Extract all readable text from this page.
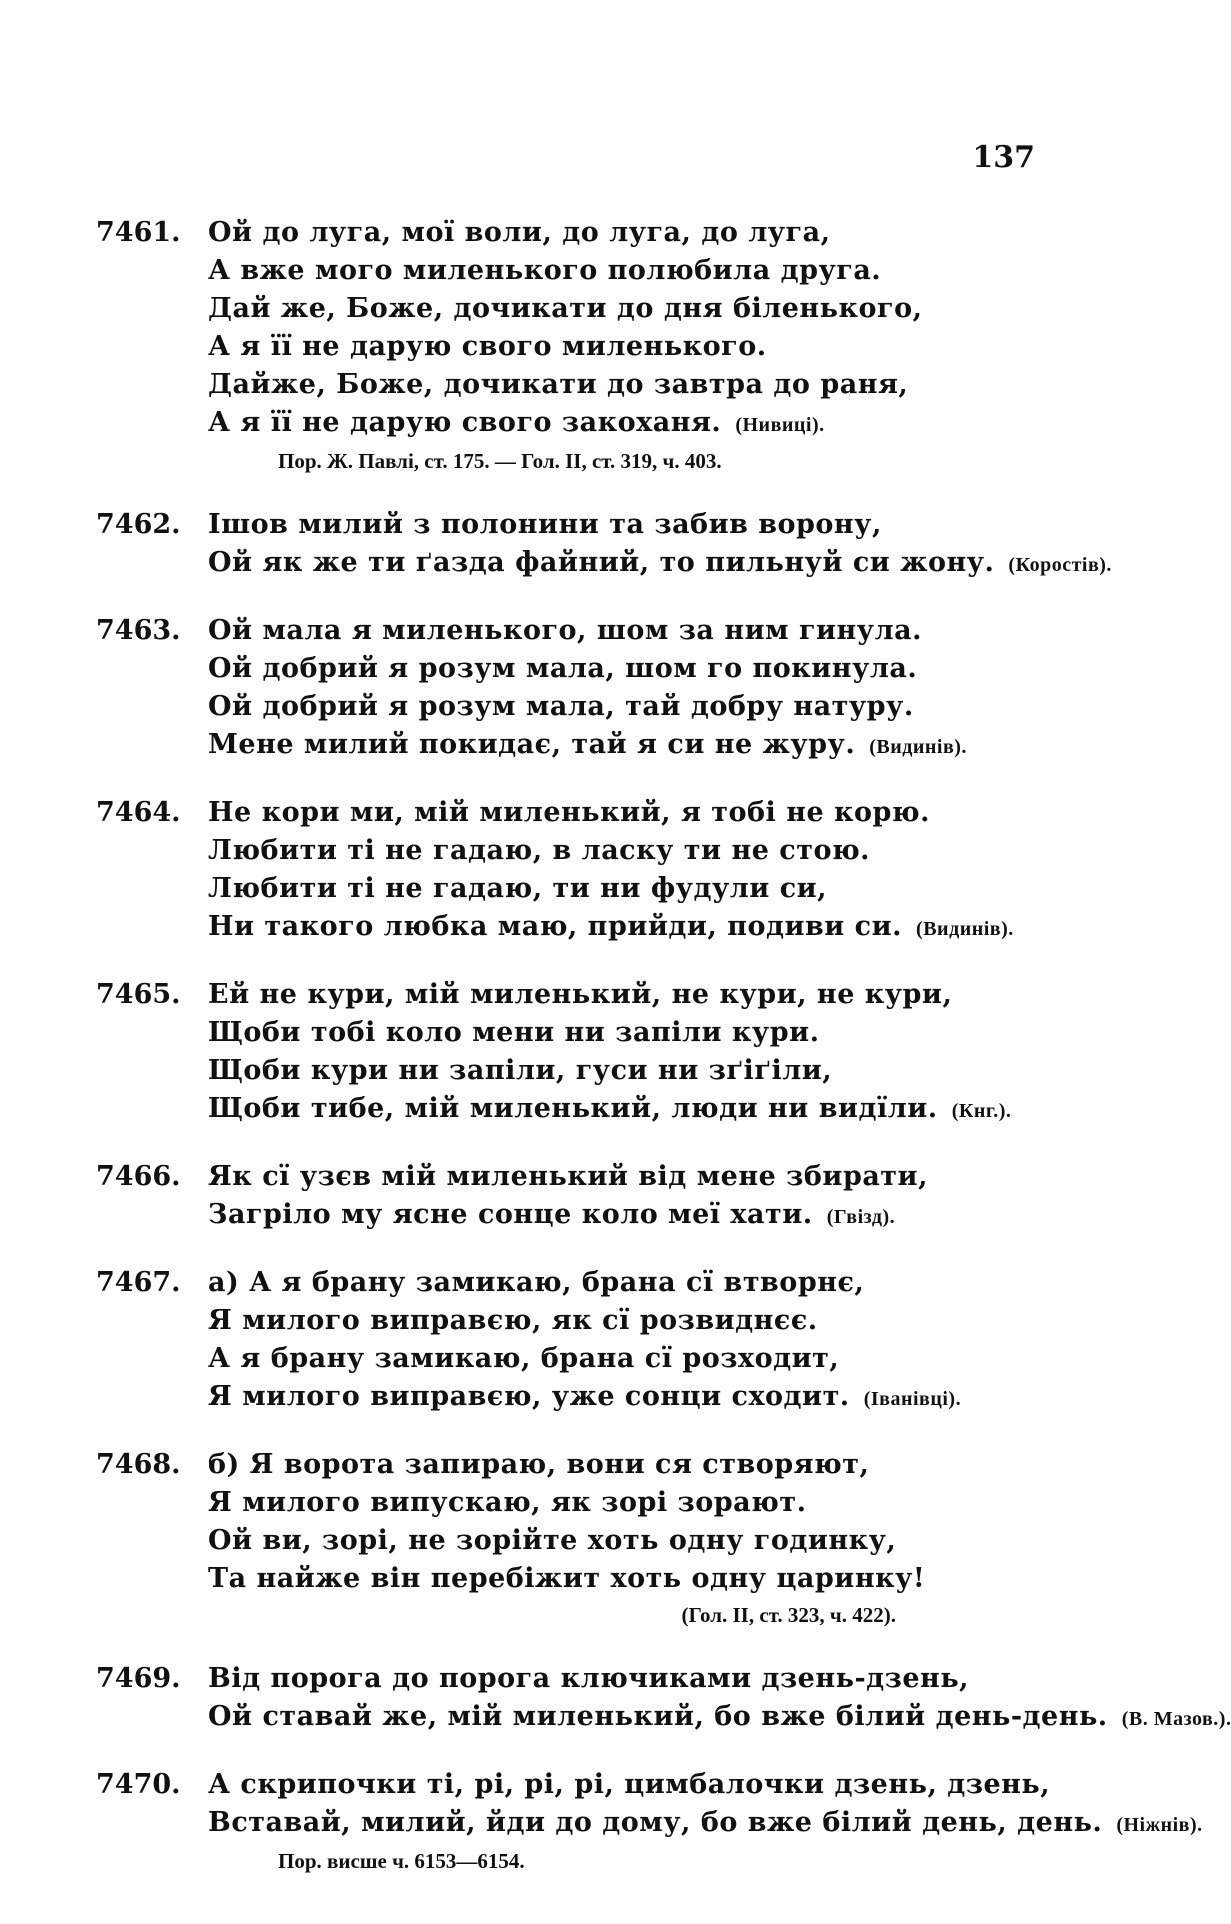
137
7461. Ой до луга, мої воли, до луга, до луга,
А вже мого миленького полюбила друга.
Дай же, Боже, дочикати до дня біленького,
А я її не дарую свого миленького.
Дайже, Боже, дочикати до завтра до раня,
А я її не дарую свого закоханя. (Нивиці).
Пор. Ж. Павлі, ст. 175. — Гол. II, ст. 319, ч. 403.
7462. Ішов милий з полонини та забив ворону,
Ой як же ти ґазда файний, то пильнуй си жону. (Коростів).
7463. Ой мала я миленького, шом за ним гинула.
Ой добрий я розум мала, шом го покинула.
Ой добрий я розум мала, тай добру натуру.
Мене милий покидає, тай я си не журу. (Видинів).
7464. Не кори ми, мій миленький, я тобі не корю.
Любити ті не гадаю, в ласку ти не стою.
Любити ті не гадаю, ти ни фудули си,
Ни такого любка маю, прийди, подиви си. (Видинів).
7465. Ей не кури, мій миленький, не кури, не кури,
Щоби тобі коло мени ни запіли кури.
Щоби кури ни запіли, гуси ни зґіґіли,
Щоби тибе, мій миленький, люди ни видїли. (Кнг.).
7466. Як сї узєв мій миленький від мене збирати,
Загріло му ясне сонце коло меї хати. (Гвізд).
7467. а) А я брану замикаю, брана сї втворнє,
Я милого виправєю, як сї розвиднєє.
А я брану замикаю, брана сї розходит,
Я милого виправєю, уже сонци сходит. (Іванівці).
7468. б) Я ворота запираю, вони ся створяют,
Я милого випускаю, як зорі зорают.
Ой ви, зорі, не зорійте хоть одну годинку,
Та найже він перебіжит хоть одну царинку!
(Гол. II, ст. 323, ч. 422).
7469. Від порога до порога ключиками дзень-дзень,
Ой ставай же, мій миленький, бо вже білий день-день. (В. Мазов.).
7470. А скрипочки ті, рі, рі, рі, цимбалочки дзень, дзень,
Вставай, милий, йди до дому, бо вже білий день, день. (Ніжнів).
Пор. висше ч. 6153—6154.
